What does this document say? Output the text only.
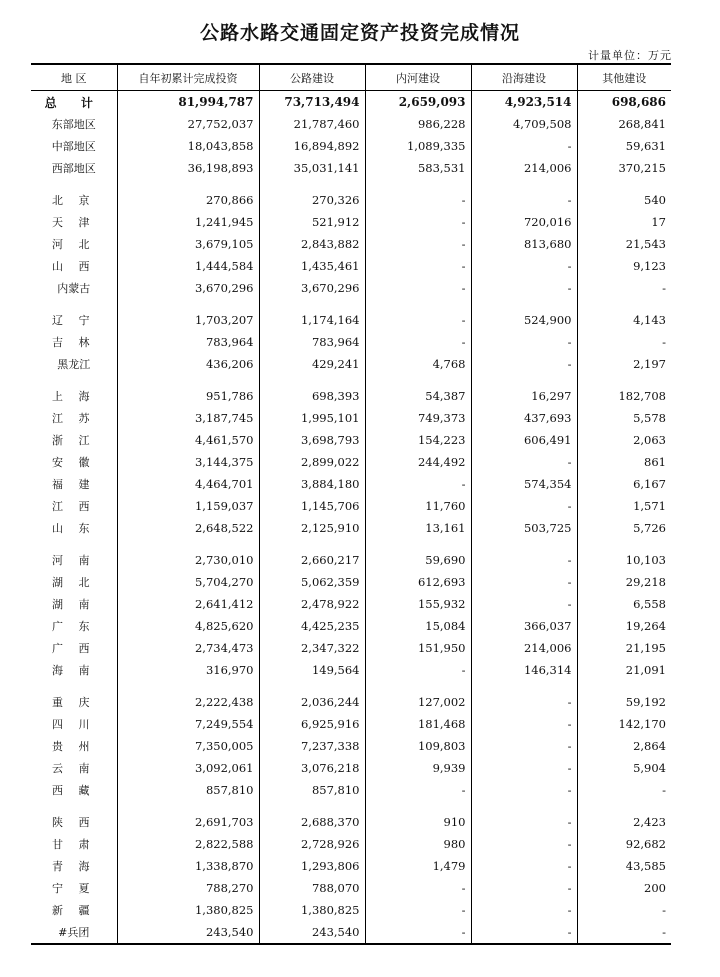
公路水路交通固定资产投资完成情况
计量单位：万元
地 区	自年初累计完成投资	公路建设	内河建设	沿海建设	其他建设
总 计	81,994,787	73,713,494	2,659,093	4,923,514	698,686
东部地区	27,752,037	21,787,460	986,228	4,709,508	268,841
中部地区	18,043,858	16,894,892	1,089,335	-	59,631
西部地区	36,198,893	35,031,141	583,531	214,006	370,215

北 京	270,866	270,326	-	-	540
天 津	1,241,945	521,912	-	720,016	17
河 北	3,679,105	2,843,882	-	813,680	21,543
山 西	1,444,584	1,435,461	-	-	9,123
内蒙古	3,670,296	3,670,296	-	-	-

辽 宁	1,703,207	1,174,164	-	524,900	4,143
吉 林	783,964	783,964	-	-	-
黑龙江	436,206	429,241	4,768	-	2,197

上 海	951,786	698,393	54,387	16,297	182,708
江 苏	3,187,745	1,995,101	749,373	437,693	5,578
浙 江	4,461,570	3,698,793	154,223	606,491	2,063
安 徽	3,144,375	2,899,022	244,492	-	861
福 建	4,464,701	3,884,180	-	574,354	6,167
江 西	1,159,037	1,145,706	11,760	-	1,571
山 东	2,648,522	2,125,910	13,161	503,725	5,726

河 南	2,730,010	2,660,217	59,690	-	10,103
湖 北	5,704,270	5,062,359	612,693	-	29,218
湖 南	2,641,412	2,478,922	155,932	-	6,558
广 东	4,825,620	4,425,235	15,084	366,037	19,264
广 西	2,734,473	2,347,322	151,950	214,006	21,195
海 南	316,970	149,564	-	146,314	21,091

重 庆	2,222,438	2,036,244	127,002	-	59,192
四 川	7,249,554	6,925,916	181,468	-	142,170
贵 州	7,350,005	7,237,338	109,803	-	2,864
云 南	3,092,061	3,076,218	9,939	-	5,904
西 藏	857,810	857,810	-	-	-

陕 西	2,691,703	2,688,370	910	-	2,423
甘 肃	2,822,588	2,728,926	980	-	92,682
青 海	1,338,870	1,293,806	1,479	-	43,585
宁 夏	788,270	788,070	-	-	200
新 疆	1,380,825	1,380,825	-	-	-
#兵团	243,540	243,540	-	-	-
